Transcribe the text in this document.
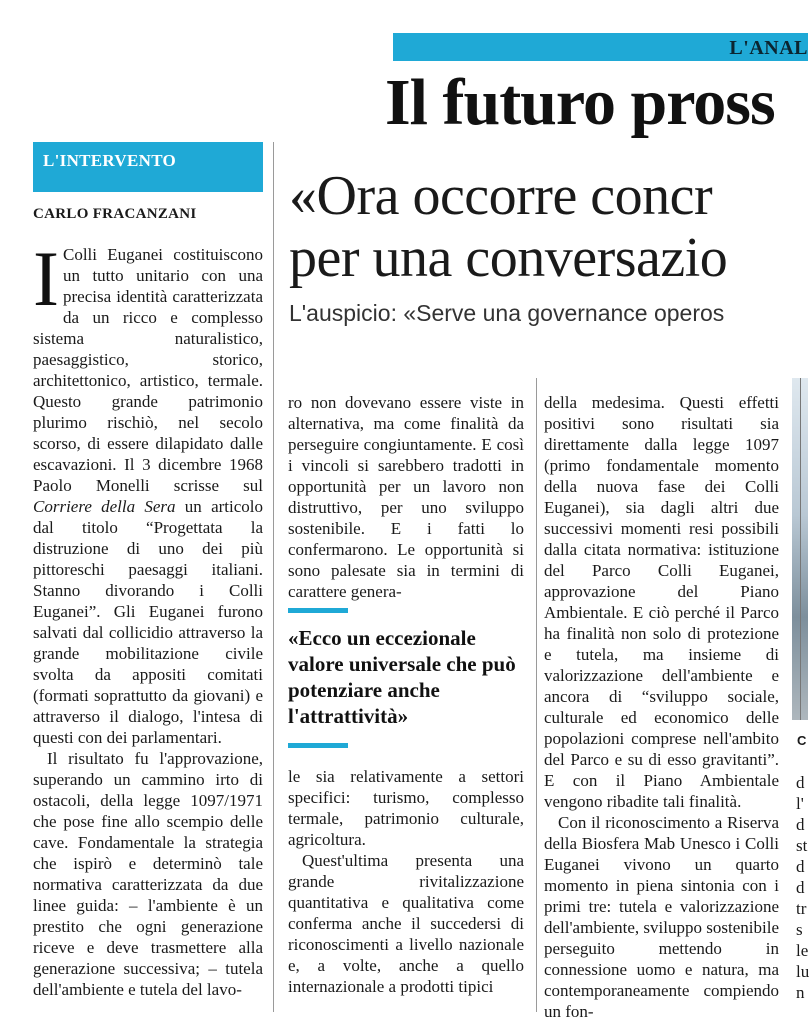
L'ANAL
Il futuro pross
«Ora occorre concr
per una conversazio
L'auspicio: «Serve una governance operos
L'INTERVENTO
CARLO FRACANZANI

I Colli Euganei costituiscono un tutto unitario con una precisa identità caratterizzata da un ricco e complesso sistema naturalistico, paesaggistico, storico, architettonico, artistico, termale. Questo grande patrimonio plurimo rischiò, nel secolo scorso, di essere dilapidato dalle escavazioni. Il 3 dicembre 1968 Paolo Monelli scrisse sul Corriere della Sera un articolo dal titolo “Progettata la distruzione di uno dei più pittoreschi paesaggi italiani. Stanno divorando i Colli Euganei”. Gli Euganei furono salvati dal collicidio attraverso la grande mobilitazione civile svolta da appositi comitati (formati soprattutto da giovani) e attraverso il dialogo, l'intesa di questi con dei parlamentari.

Il risultato fu l'approvazione, superando un cammino irto di ostacoli, della legge 1097/1971 che pose fine allo scempio delle cave. Fondamentale la strategia che ispirò e determinò tale normativa caratterizzata da due linee guida: – l'ambiente è un prestito che ogni generazione riceve e deve trasmettere alla generazione successiva; – tutela dell'ambiente e tutela del lavo-

ro non dovevano essere viste in alternativa, ma come finalità da perseguire congiuntamente. E così i vincoli si sarebbero tradotti in opportunità per un lavoro non distruttivo, per uno sviluppo sostenibile. E i fatti lo confermarono. Le opportunità si sono palesate sia in termini di carattere genera-

«Ecco un eccezionale valore universale che può potenziare anche l'attrattività»

le sia relativamente a settori specifici: turismo, complesso termale, patrimonio culturale, agricoltura.

Quest'ultima presenta una grande rivitalizzazione quantitativa e qualitativa come conferma anche il succedersi di riconoscimenti a livello nazionale e, a volte, anche a quello internazionale a prodotti tipici

della medesima. Questi effetti positivi sono risultati sia direttamente dalla legge 1097 (primo fondamentale momento della nuova fase dei Colli Euganei), sia dagli altri due successivi momenti resi possibili dalla citata normativa: istituzione del Parco Colli Euganei, approvazione del Piano Ambientale. E ciò perché il Parco ha finalità non solo di protezione e tutela, ma insieme di valorizzazione dell'ambiente e ancora di “sviluppo sociale, culturale ed economico delle popolazioni comprese nell'ambito del Parco e su di esso gravitanti”. E con il Piano Ambientale vengono ribadite tali finalità.

Con il riconoscimento a Riserva della Biosfera Mab Unesco i Colli Euganei vivono un quarto momento in piena sintonia con i primi tre: tutela e valorizzazione dell'ambiente, sviluppo sostenibile perseguito mettendo in connessione uomo e natura, ma contemporaneamente compiendo un fon-

C
d
l'
d
st
d
d
tr
s
le
lu
n
